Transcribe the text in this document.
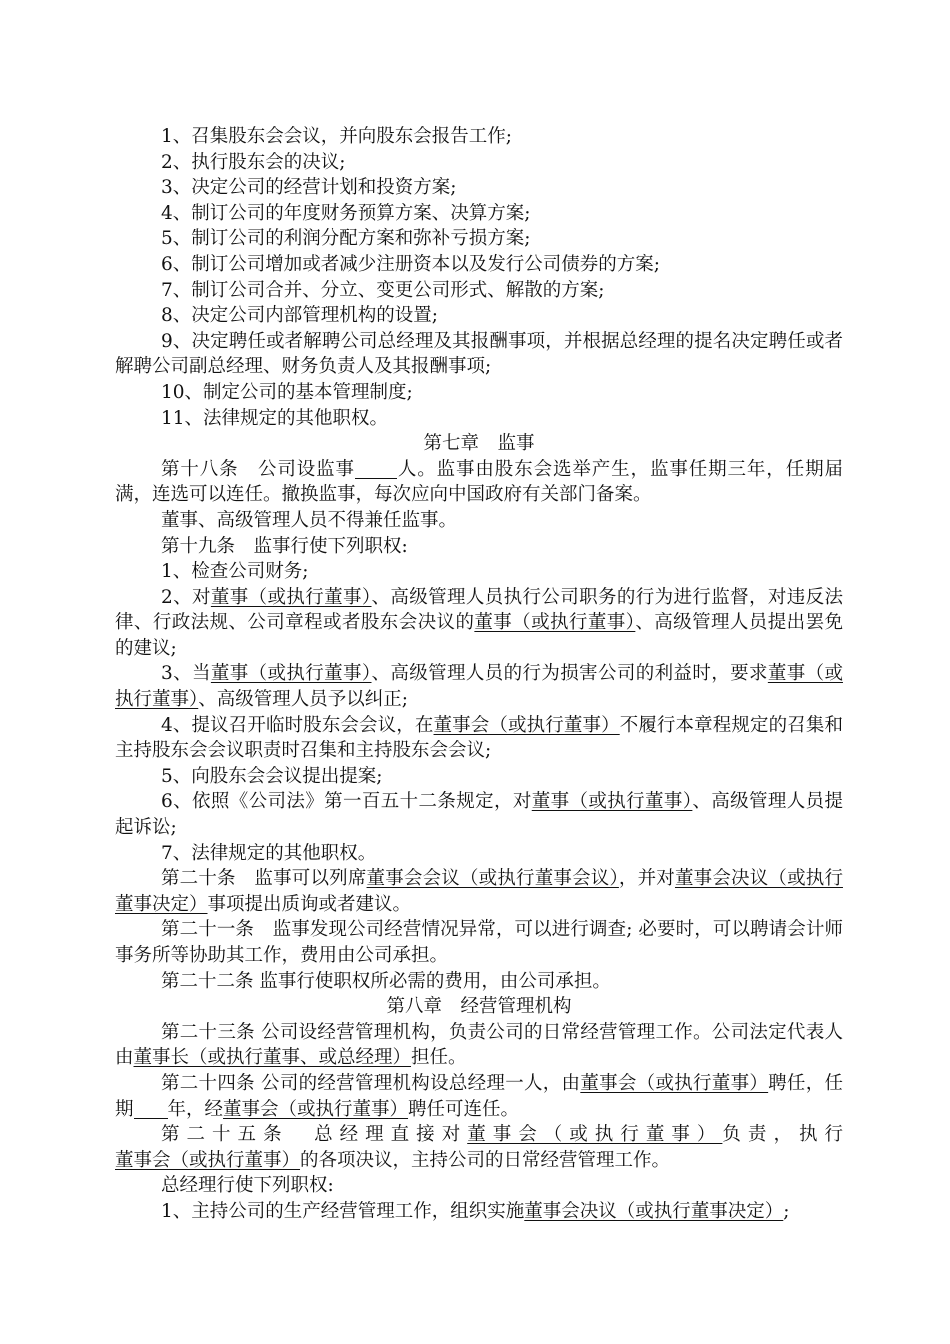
1、召集股东会会议，并向股东会报告工作;

2、执行股东会的决议;

3、决定公司的经营计划和投资方案;

4、制订公司的年度财务预算方案、决算方案;

5、制订公司的利润分配方案和弥补亏损方案;

6、制订公司增加或者减少注册资本以及发行公司债券的方案;

7、制订公司合并、分立、变更公司形式、解散的方案;

8、决定公司内部管理机构的设置;

9、决定聘任或者解聘公司总经理及其报酬事项，并根据总经理的提名决定聘任或者解聘公司副总经理、财务负责人及其报酬事项;

10、制定公司的基本管理制度;

11、法律规定的其他职权。

第七章　监事

第十八条　公司设监事 人。监事由股东会选举产生，监事任期三年，任期届满，连选可以连任。撤换监事，每次应向中国政府有关部门备案。

董事、高级管理人员不得兼任监事。

第十九条　监事行使下列职权:

1、检查公司财务;

2、对董事（或执行董事）、高级管理人员执行公司职务的行为进行监督，对违反法律、行政法规、公司章程或者股东会决议的董事（或执行董事）、高级管理人员提出罢免的建议;

3、当董事（或执行董事）、高级管理人员的行为损害公司的利益时，要求董事（或执行董事）、高级管理人员予以纠正;

4、提议召开临时股东会会议，在董事会（或执行董事）不履行本章程规定的召集和主持股东会会议职责时召集和主持股东会会议;

5、向股东会会议提出提案;

6、依照《公司法》第一百五十二条规定，对董事（或执行董事）、高级管理人员提起诉讼;

7、法律规定的其他职权。

第二十条　监事可以列席董事会会议（或执行董事会议），并对董事会决议（或执行董事决定）事项提出质询或者建议。

第二十一条　监事发现公司经营情况异常，可以进行调查; 必要时，可以聘请会计师事务所等协助其工作，费用由公司承担。

第二十二条 监事行使职权所必需的费用，由公司承担。

第八章　经营管理机构

第二十三条 公司设经营管理机构，负责公司的日常经营管理工作。公司法定代表人由董事长（或执行董事、或总经理）担任。

第二十四条 公司的经营管理机构设总经理一人，由董事会（或执行董事）聘任，任期 年，经董事会（或执行董事）聘任可连任。

第二十五条　总经理直接对董事会（或执行董事）负责，执行董事会（或执行董事）的各项决议，主持公司的日常经营管理工作。

总经理行使下列职权:

1、主持公司的生产经营管理工作，组织实施董事会决议（或执行董事决定）;
